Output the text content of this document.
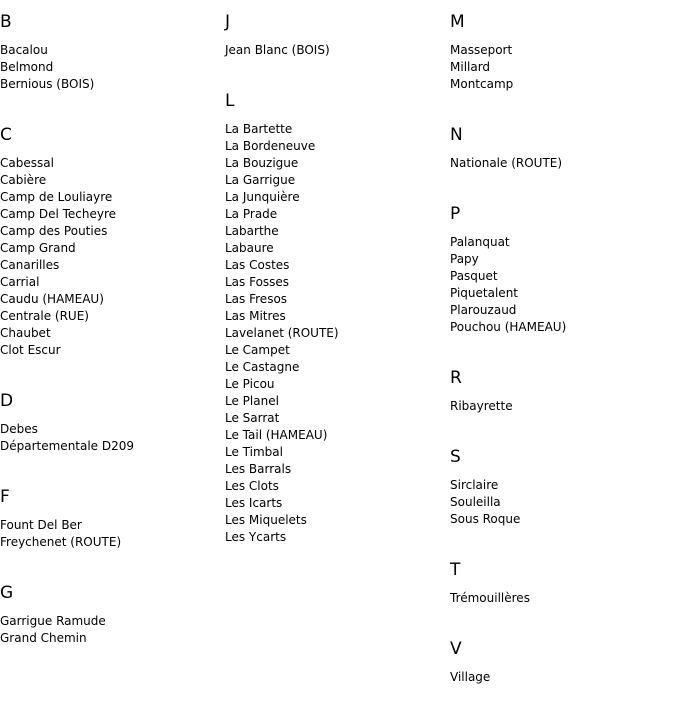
B
Bacalou
Belmond
Bernious (BOIS)
C
Cabessal
Cabière
Camp de Louliayre
Camp Del Techeyre
Camp des Pouties
Camp Grand
Canarilles
Carrial
Caudu (HAMEAU)
Centrale (RUE)
Chaubet
Clot Escur
D
Debes
Départementale D209
F
Fount Del Ber
Freychenet (ROUTE)
G
Garrigue Ramude
Grand Chemin
J
Jean Blanc (BOIS)
L
La Bartette
La Bordeneuve
La Bouzigue
La Garrigue
La Junquière
La Prade
Labarthe
Labaure
Las Costes
Las Fosses
Las Fresos
Las Mitres
Lavelanet (ROUTE)
Le Campet
Le Castagne
Le Picou
Le Planel
Le Sarrat
Le Tail (HAMEAU)
Le Timbal
Les Barrals
Les Clots
Les Icarts
Les Miquelets
Les Ycarts
M
Masseport
Millard
Montcamp
N
Nationale (ROUTE)
P
Palanquat
Papy
Pasquet
Piquetalent
Plarouzaud
Pouchou (HAMEAU)
R
Ribayrette
S
Sirclaire
Souleilla
Sous Roque
T
Trémouillères
V
Village
